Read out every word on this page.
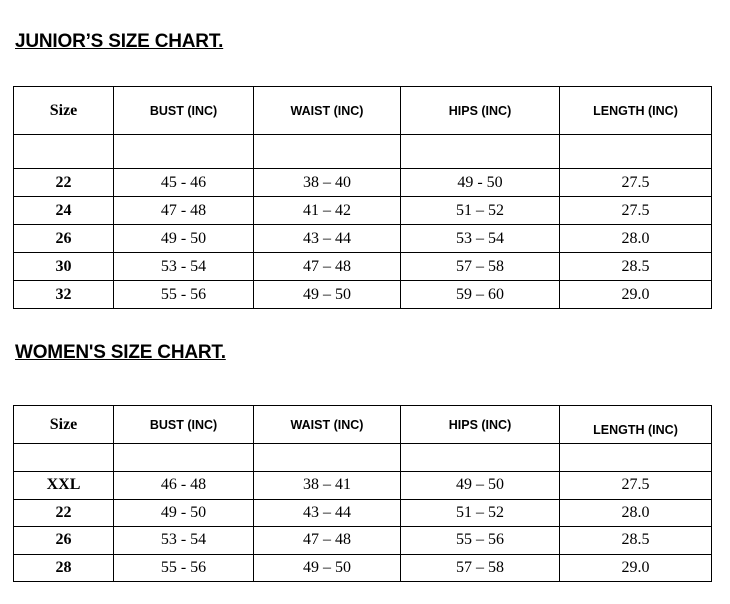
JUNIOR’S SIZE CHART.
Size	BUST (INC)	WAIST (INC)	HIPS (INC)	LENGTH (INC)

22	45 - 46	38 – 40	49 - 50	27.5
24	47 - 48	41 – 42	51 – 52	27.5
26	49 - 50	43 – 44	53 – 54	28.0
30	53 - 54	47 – 48	57 – 58	28.5
32	55 - 56	49 – 50	59 – 60	29.0
WOMEN'S SIZE CHART.
Size	BUST (INC)	WAIST (INC)	HIPS (INC)	LENGTH (INC)

XXL	46 - 48	38 – 41	49 – 50	27.5
22	49 - 50	43 – 44	51 – 52	28.0
26	53 - 54	47 – 48	55 – 56	28.5
28	55 - 56	49 – 50	57 – 58	29.0
